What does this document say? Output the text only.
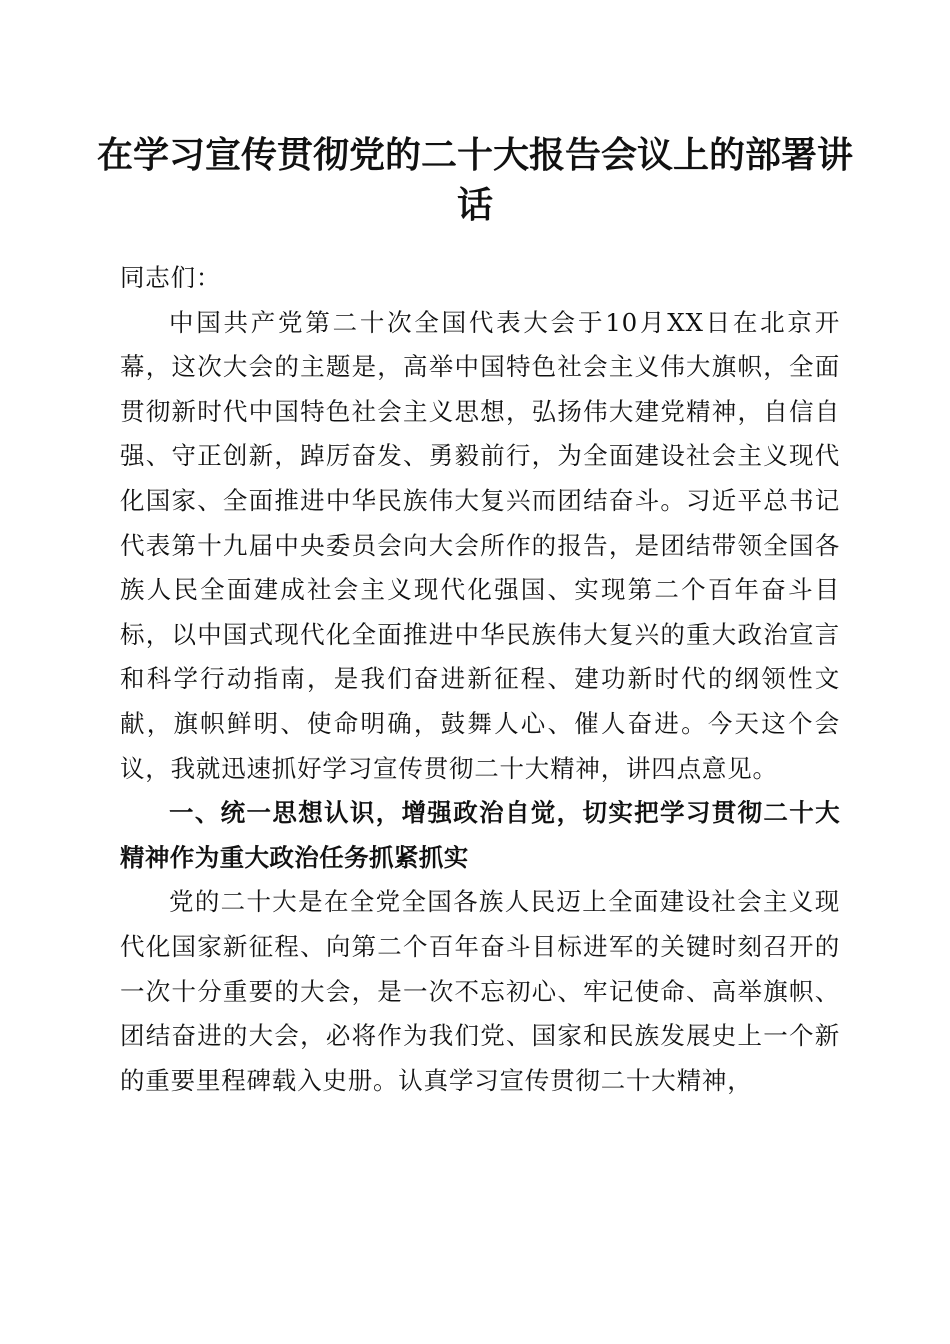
在学习宣传贯彻党的二十大报告会议上的部署讲话

同志们：

中国共产党第二十次全国代表大会于10月XX日在北京开幕，这次大会的主题是，高举中国特色社会主义伟大旗帜，全面贯彻新时代中国特色社会主义思想，弘扬伟大建党精神，自信自强、守正创新，踔厉奋发、勇毅前行，为全面建设社会主义现代化国家、全面推进中华民族伟大复兴而团结奋斗。习近平总书记代表第十九届中央委员会向大会所作的报告，是团结带领全国各族人民全面建成社会主义现代化强国、实现第二个百年奋斗目标，以中国式现代化全面推进中华民族伟大复兴的重大政治宣言和科学行动指南，是我们奋进新征程、建功新时代的纲领性文献，旗帜鲜明、使命明确，鼓舞人心、催人奋进。今天这个会议，我就迅速抓好学习宣传贯彻二十大精神，讲四点意见。

一、统一思想认识，增强政治自觉，切实把学习贯彻二十大精神作为重大政治任务抓紧抓实

党的二十大是在全党全国各族人民迈上全面建设社会主义现代化国家新征程、向第二个百年奋斗目标进军的关键时刻召开的一次十分重要的大会，是一次不忘初心、牢记使命、高举旗帜、团结奋进的大会，必将作为我们党、国家和民族发展史上一个新的重要里程碑载入史册。认真学习宣传贯彻二十大精神，
